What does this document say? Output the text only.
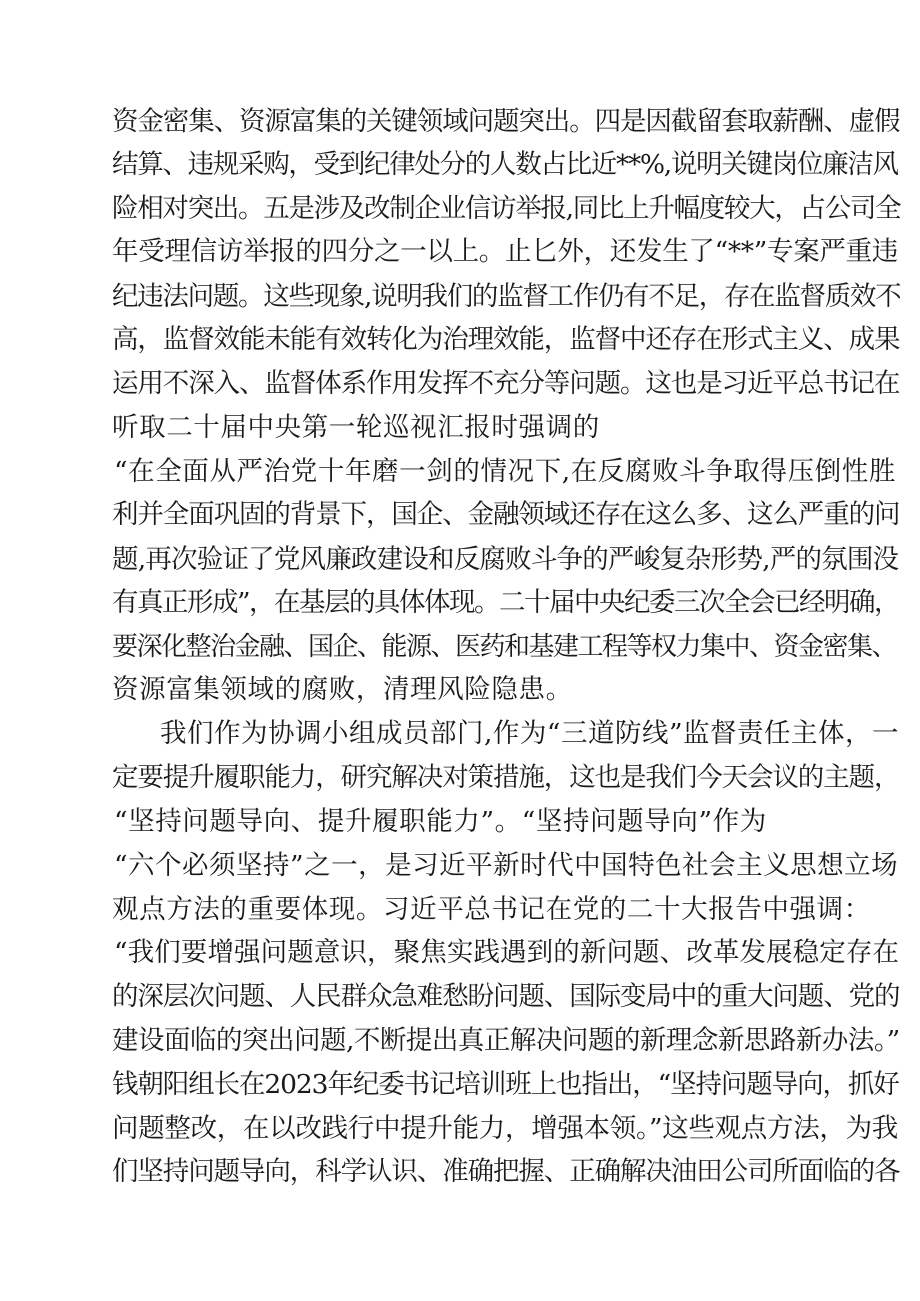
资金密集、资源富集的关键领域问题突出。四是因截留套取薪酬、虚假
结算、违规采购，受到纪律处分的人数占比近**%,说明关键岗位廉洁风
险相对突出。五是涉及改制企业信访举报,同比上升幅度较大，占公司全
年受理信访举报的四分之一以上。止匕外，还发生了“**”专案严重违
纪违法问题。这些现象,说明我们的监督工作仍有不足，存在监督质效不
高，监督效能未能有效转化为治理效能，监督中还存在形式主义、成果
运用不深入、监督体系作用发挥不充分等问题。这也是习近平总书记在
听取二十届中央第一轮巡视汇报时强调的
“在全面从严治党十年磨一剑的情况下,在反腐败斗争取得压倒性胜
利并全面巩固的背景下，国企、金融领域还存在这么多、这么严重的问
题,再次验证了党风廉政建设和反腐败斗争的严峻复杂形势,严的氛围没
有真正形成”，在基层的具体体现。二十届中央纪委三次全会已经明确，
要深化整治金融、国企、能源、医药和基建工程等权力集中、资金密集、
资源富集领域的腐败，清理风险隐患。
我们作为协调小组成员部门,作为“三道防线”监督责任主体，一
定要提升履职能力，研究解决对策措施，这也是我们今天会议的主题，
“坚持问题导向、提升履职能力”。“坚持问题导向”作为
“六个必须坚持”之一，是习近平新时代中国特色社会主义思想立场
观点方法的重要体现。习近平总书记在党的二十大报告中强调：
“我们要增强问题意识，聚焦实践遇到的新问题、改革发展稳定存在
的深层次问题、人民群众急难愁盼问题、国际变局中的重大问题、党的
建设面临的突出问题,不断提出真正解决问题的新理念新思路新办法。”
钱朝阳组长在2023年纪委书记培训班上也指出，“坚持问题导向，抓好
问题整改，在以改践行中提升能力，增强本领。”这些观点方法，为我
们坚持问题导向，科学认识、准确把握、正确解决油田公司所面临的各
